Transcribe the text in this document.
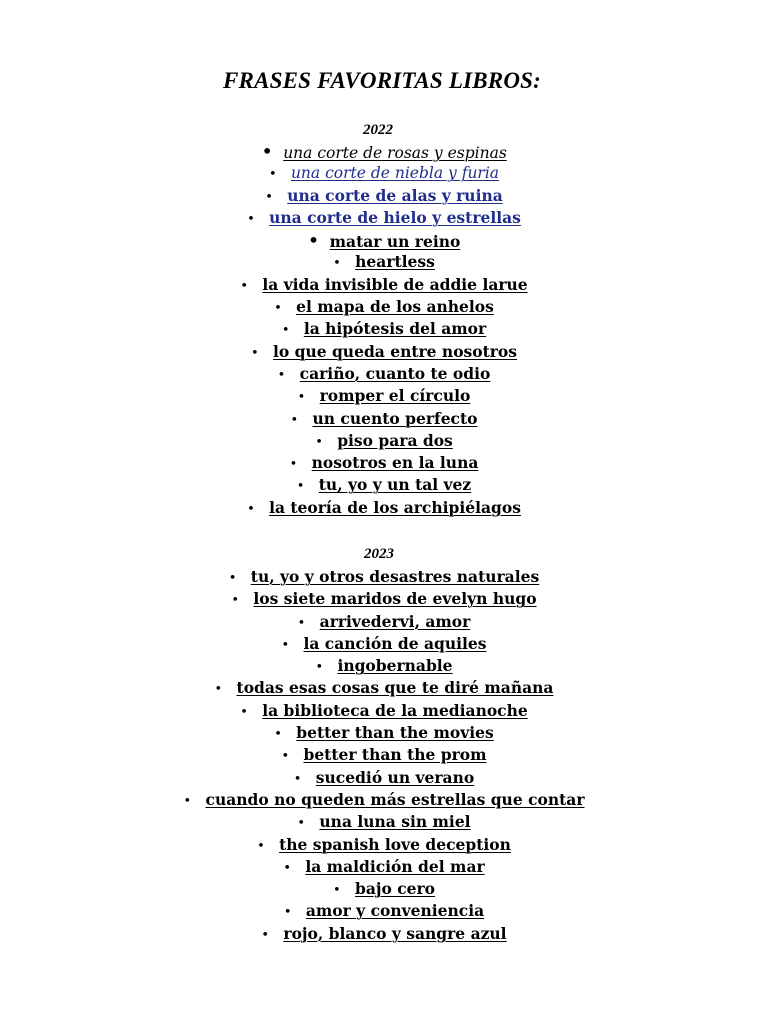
FRASES FAVORITAS LIBROS:
2022
• una corte de rosas y espinas
• una corte de niebla y furia
• una corte de alas y ruina
• una corte de hielo y estrellas
• matar un reino
• heartless
• la vida invisible de addie larue
• el mapa de los anhelos
• la hipótesis del amor
• lo que queda entre nosotros
• cariño, cuanto te odio
• romper el círculo
• un cuento perfecto
• piso para dos
• nosotros en la luna
• tu, yo y un tal vez
• la teoría de los archipiélagos
2023
• tu, yo y otros desastres naturales
• los siete maridos de evelyn hugo
• arrivedervi, amor
• la canción de aquiles
• ingobernable
• todas esas cosas que te diré mañana
• la biblioteca de la medianoche
• better than the movies
• better than the prom
• sucedió un verano
• cuando no queden más estrellas que contar
• una luna sin miel
• the spanish love deception
• la maldición del mar
• bajo cero
• amor y conveniencia
• rojo, blanco y sangre azul
